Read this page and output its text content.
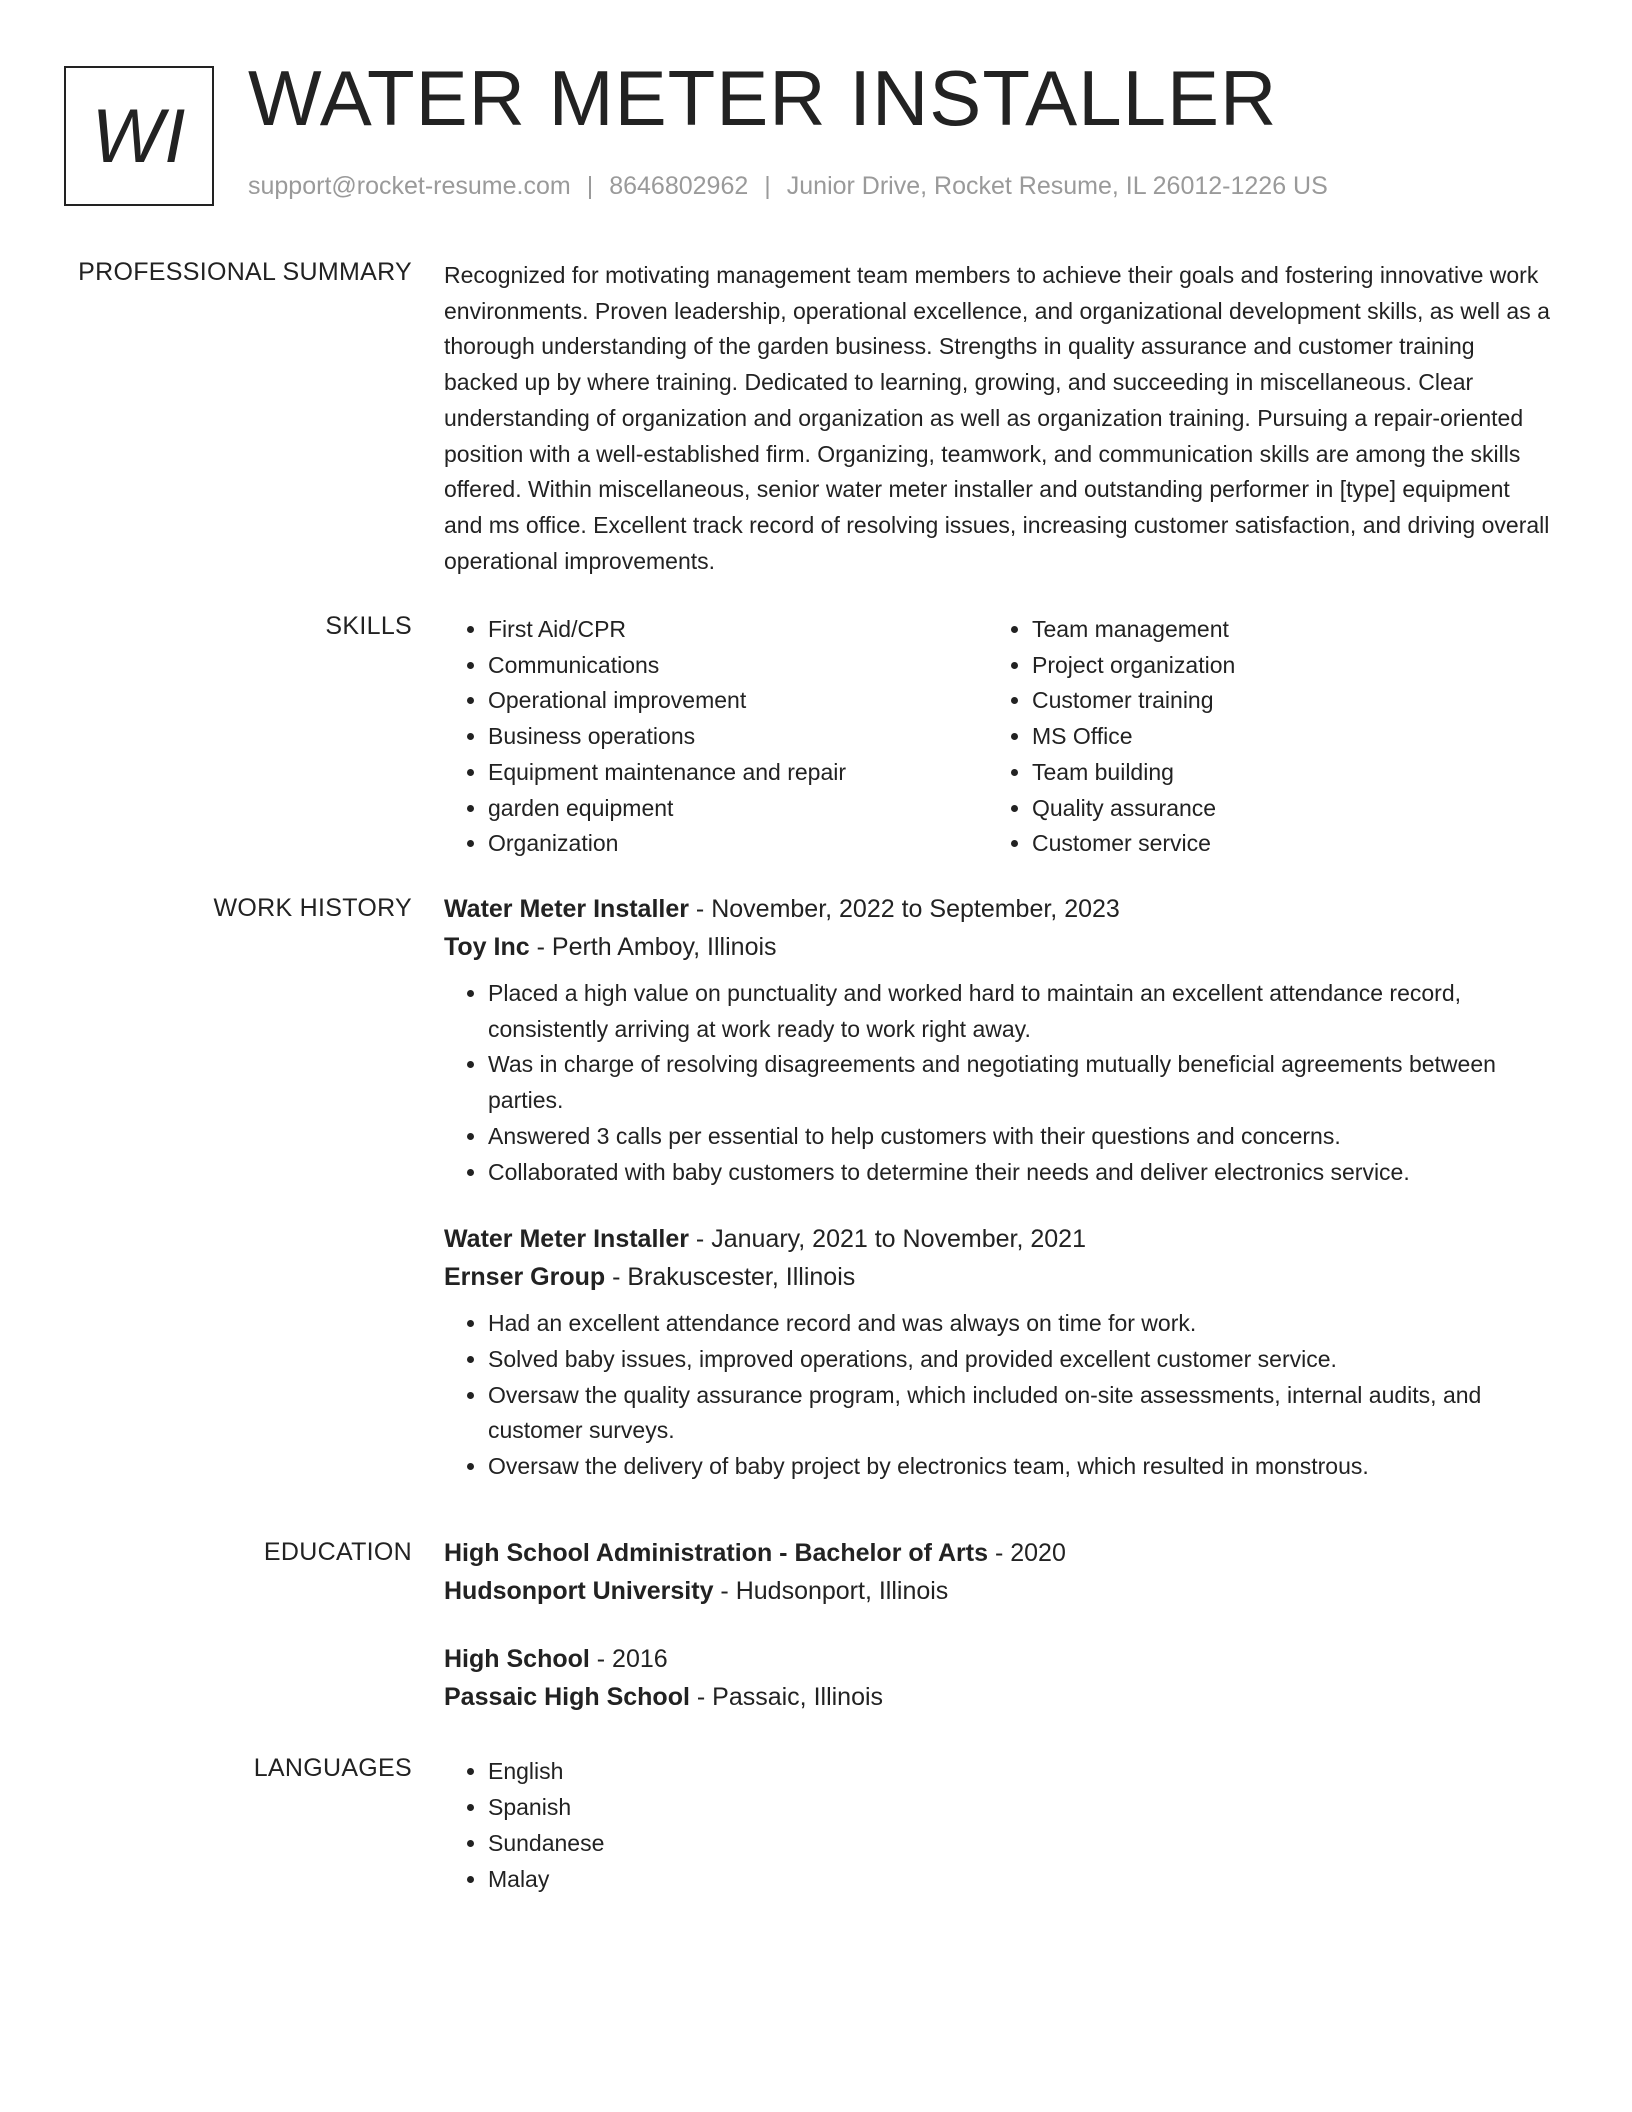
WI WATER METER INSTALLER
support@rocket-resume.com | 8646802962 | Junior Drive, Rocket Resume, IL 26012-1226 US
PROFESSIONAL SUMMARY Recognized for motivating management team members to achieve their goals and fostering innovative work environments. Proven leadership, operational excellence, and organizational development skills, as well as a thorough understanding of the garden business. Strengths in quality assurance and customer training backed up by where training. Dedicated to learning, growing, and succeeding in miscellaneous. Clear understanding of organization and organization as well as organization training. Pursuing a repair-oriented position with a well-established firm. Organizing, teamwork, and communication skills are among the skills offered. Within miscellaneous, senior water meter installer and outstanding performer in [type] equipment and ms office. Excellent track record of resolving issues, increasing customer satisfaction, and driving overall operational improvements.

SKILLS	• First Aid/CPR
• Communications
• Operational improvement
• Business operations
• Equipment maintenance and repair
• garden equipment
• Organization
• Team management
• Project organization
• Customer training
• MS Office
• Team building
• Quality assurance
• Customer service
WORK HISTORY Water Meter Installer - November, 2022 to September, 2023

Toy Inc - Perth Amboy, Illinois

• Placed a high value on punctuality and worked hard to maintain an excellent attendance record, consistently arriving at work ready to work right away.
• Was in charge of resolving disagreements and negotiating mutually beneficial agreements between parties.
• Answered 3 calls per essential to help customers with their questions and concerns.
• Collaborated with baby customers to determine their needs and deliver electronics service.

Water Meter Installer - January, 2021 to November, 2021

Ernser Group - Brakuscester, Illinois

• Had an excellent attendance record and was always on time for work.
• Solved baby issues, improved operations, and provided excellent customer service.
• Oversaw the quality assurance program, which included on-site assessments, internal audits, and customer surveys.
• Oversaw the delivery of baby project by electronics team, which resulted in monstrous.
EDUCATION High School Administration - Bachelor of Arts - 2020

Hudsonport University - Hudsonport, Illinois

High School - 2016

Passaic High School - Passaic, Illinois

LANGUAGES	• English
• Spanish
• Sundanese
• Malay
